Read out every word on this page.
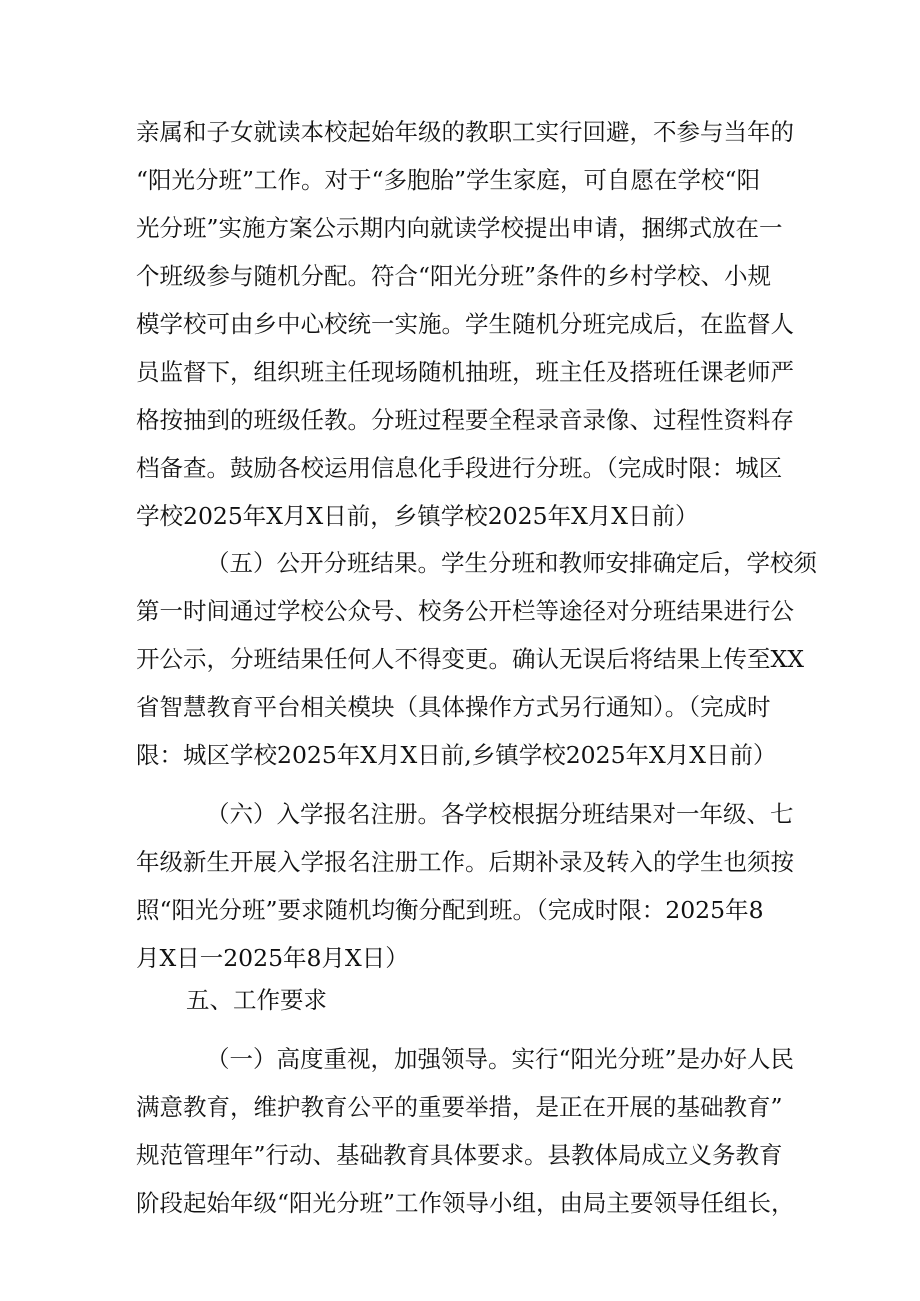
亲属和子女就读本校起始年级的教职工实行回避，不参与当年的
“阳光分班”工作。对于“多胞胎”学生家庭，可自愿在学校“阳
光分班”实施方案公示期内向就读学校提出申请，捆绑式放在一
个班级参与随机分配。符合“阳光分班”条件的乡村学校、小规
模学校可由乡中心校统一实施。学生随机分班完成后，在监督人
员监督下，组织班主任现场随机抽班，班主任及搭班任课老师严
格按抽到的班级任教。分班过程要全程录音录像、过程性资料存
档备查。鼓励各校运用信息化手段进行分班。（完成时限：城区
学校2025年X月X日前，乡镇学校2025年X月X日前）
（五）公开分班结果。学生分班和教师安排确定后，学校须
第一时间通过学校公众号、校务公开栏等途径对分班结果进行公
开公示，分班结果任何人不得变更。确认无误后将结果上传至XX
省智慧教育平台相关模块（具体操作方式另行通知）。（完成时
限：城区学校2025年X月X日前,乡镇学校2025年X月X日前）
（六）入学报名注册。各学校根据分班结果对一年级、七
年级新生开展入学报名注册工作。后期补录及转入的学生也须按
照“阳光分班”要求随机均衡分配到班。（完成时限：2025年8
月X日一2025年8月X日）
五、工作要求
（一）高度重视，加强领导。实行“阳光分班”是办好人民
满意教育，维护教育公平的重要举措，是正在开展的基础教育”
规范管理年”行动、基础教育具体要求。县教体局成立义务教育
阶段起始年级“阳光分班”工作领导小组，由局主要领导任组长，
